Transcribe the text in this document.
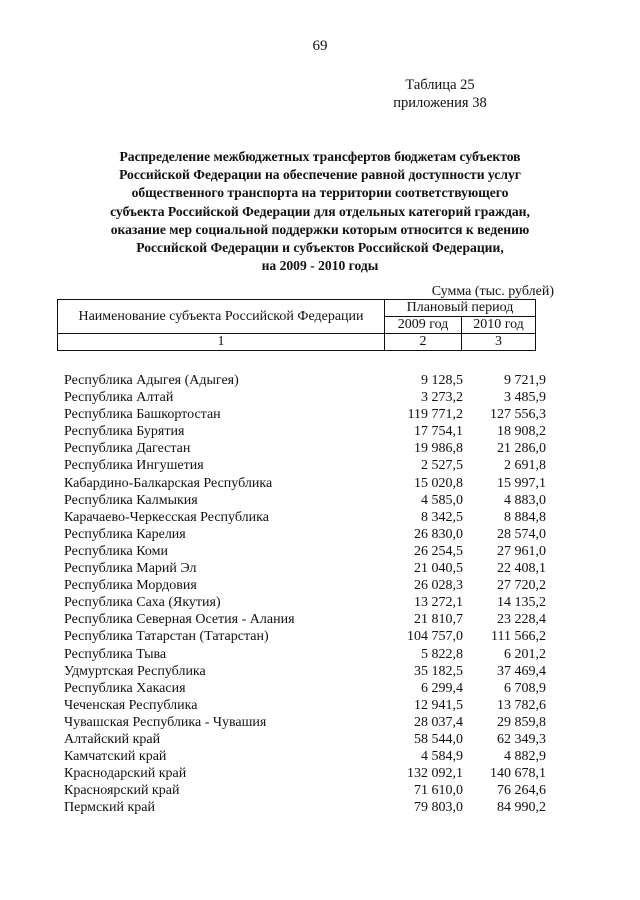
69
Таблица 25
приложения 38
Распределение межбюджетных трансфертов бюджетам субъектов
Российской Федерации на обеспечение равной доступности услуг
общественного транспорта на территории соответствующего
субъекта Российской Федерации для отдельных категорий граждан,
оказание мер социальной поддержки которым относится к ведению
Российской Федерации и субъектов Российской Федерации,
на 2009 - 2010 годы
Сумма (тыс. рублей)
Наименование субъекта Российской Федерации	Плановый период	
	2009 год	2010 год
1	2	3
Республика Адыгея (Адыгея)	9 128,5	9 721,9
Республика Алтай	3 273,2	3 485,9
Республика Башкортостан	119 771,2	127 556,3
Республика Бурятия	17 754,1	18 908,2
Республика Дагестан	19 986,8	21 286,0
Республика Ингушетия	2 527,5	2 691,8
Кабардино-Балкарская Республика	15 020,8	15 997,1
Республика Калмыкия	4 585,0	4 883,0
Карачаево-Черкесская Республика	8 342,5	8 884,8
Республика Карелия	26 830,0	28 574,0
Республика Коми	26 254,5	27 961,0
Республика Марий Эл	21 040,5	22 408,1
Республика Мордовия	26 028,3	27 720,2
Республика Саха (Якутия)	13 272,1	14 135,2
Республика Северная Осетия - Алания	21 810,7	23 228,4
Республика Татарстан (Татарстан)	104 757,0	111 566,2
Республика Тыва	5 822,8	6 201,2
Удмуртская Республика	35 182,5	37 469,4
Республика Хакасия	6 299,4	6 708,9
Чеченская Республика	12 941,5	13 782,6
Чувашская Республика - Чувашия	28 037,4	29 859,8
Алтайский край	58 544,0	62 349,3
Камчатский край	4 584,9	4 882,9
Краснодарский край	132 092,1	140 678,1
Красноярский край	71 610,0	76 264,6
Пермский край	79 803,0	84 990,2
